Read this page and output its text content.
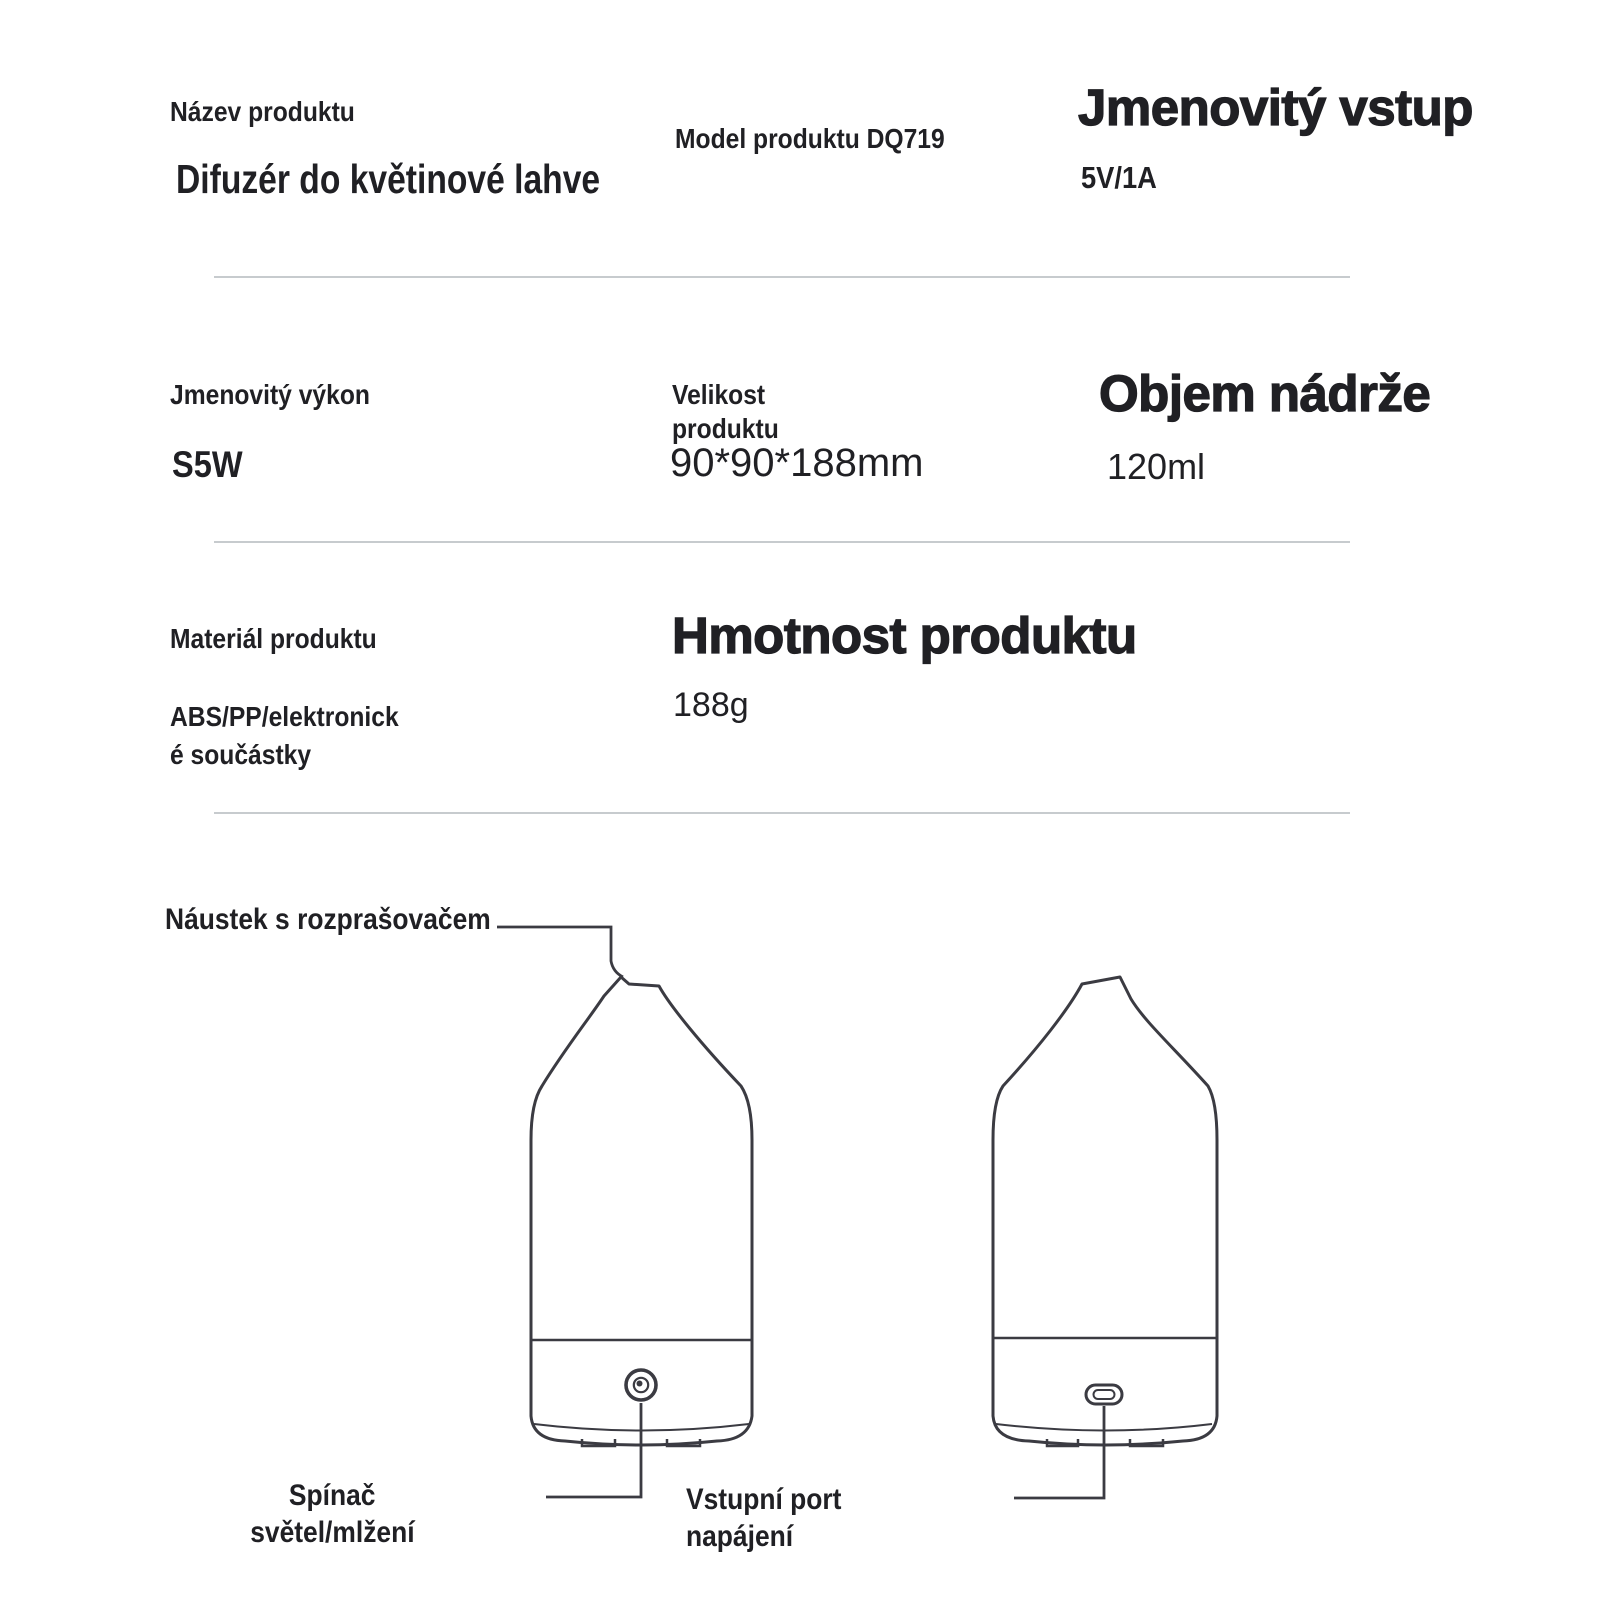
Název produktu
Difuzér do květinové lahve
Model produktu DQ719
Jmenovitý vstup
5V/1A
Jmenovitý výkon
S5W
Velikost produktu
90*90*188mm
Objem nádrže
120ml
Materiál produktu
ABS/PP/elektronick
é součástky
Hmotnost produktu
188g
Náustek s rozprašovačem
Spínač
světel/mlžení
Vstupní port
napájení
